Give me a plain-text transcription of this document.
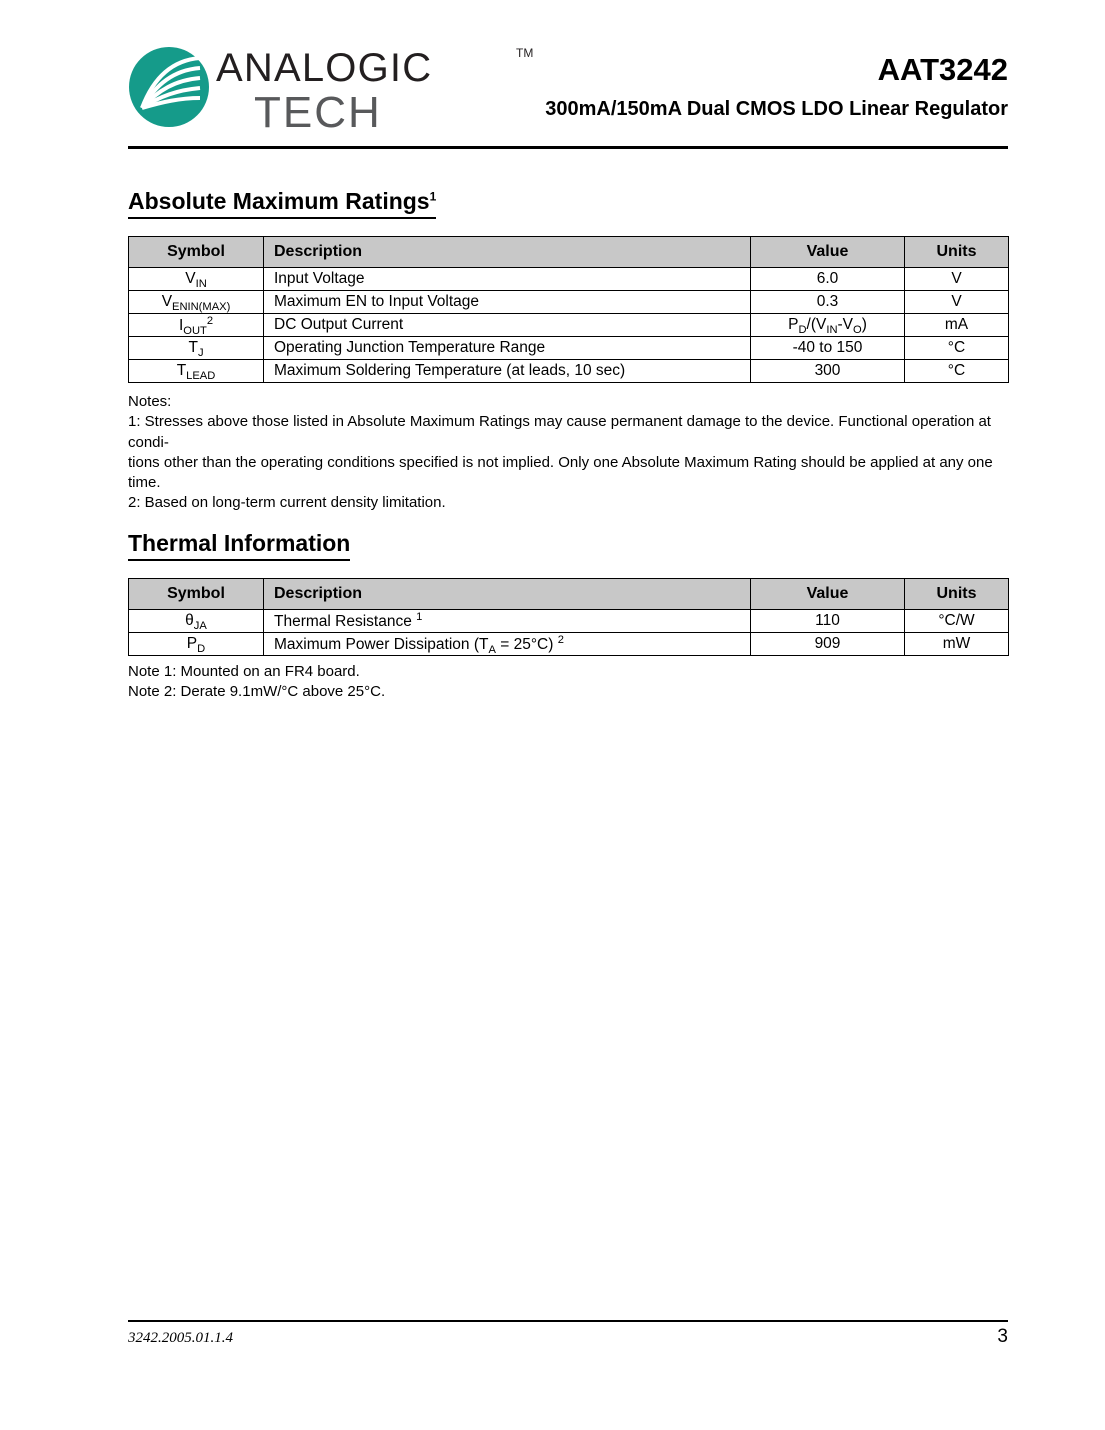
ANALOGIC	TM
TECH
AAT3242
300mA/150mA Dual CMOS LDO Linear Regulator
Absolute Maximum Ratings$^1$
Symbol	Description	Value	Units
$V_{IN}$	Input Voltage	6.0	V
$V_{ENIN(MAX)}$	Maximum EN to Input Voltage	0.3	V
$I_{OUT}^2$	DC Output Current	$P_D/(V_{IN}-V_O)$	mA
$T_J$	Operating Junction Temperature Range	-40 to 150	°C
$T_{LEAD}$	Maximum Soldering Temperature (at leads, 10 sec)	300	°C

Notes:

1: Stresses above those listed in Absolute Maximum Ratings may cause permanent damage to the device. Functional operation at condi-

tions other than the operating conditions specified is not implied. Only one Absolute Maximum Rating should be applied at any one time.

2: Based on long-term current density limitation.

Thermal Information
Symbol	Description	Value	Units
$\theta_{JA}$	Thermal Resistance $^1$	110	°C/W
$P_D$	Maximum Power Dissipation $(T_A = 25^\circ C)$ $^2$	909	mW

Note 1: Mounted on an FR4 board.

Note 2: Derate 9.1mW/°C above 25°C.

3242.2005.01.1.4	3
